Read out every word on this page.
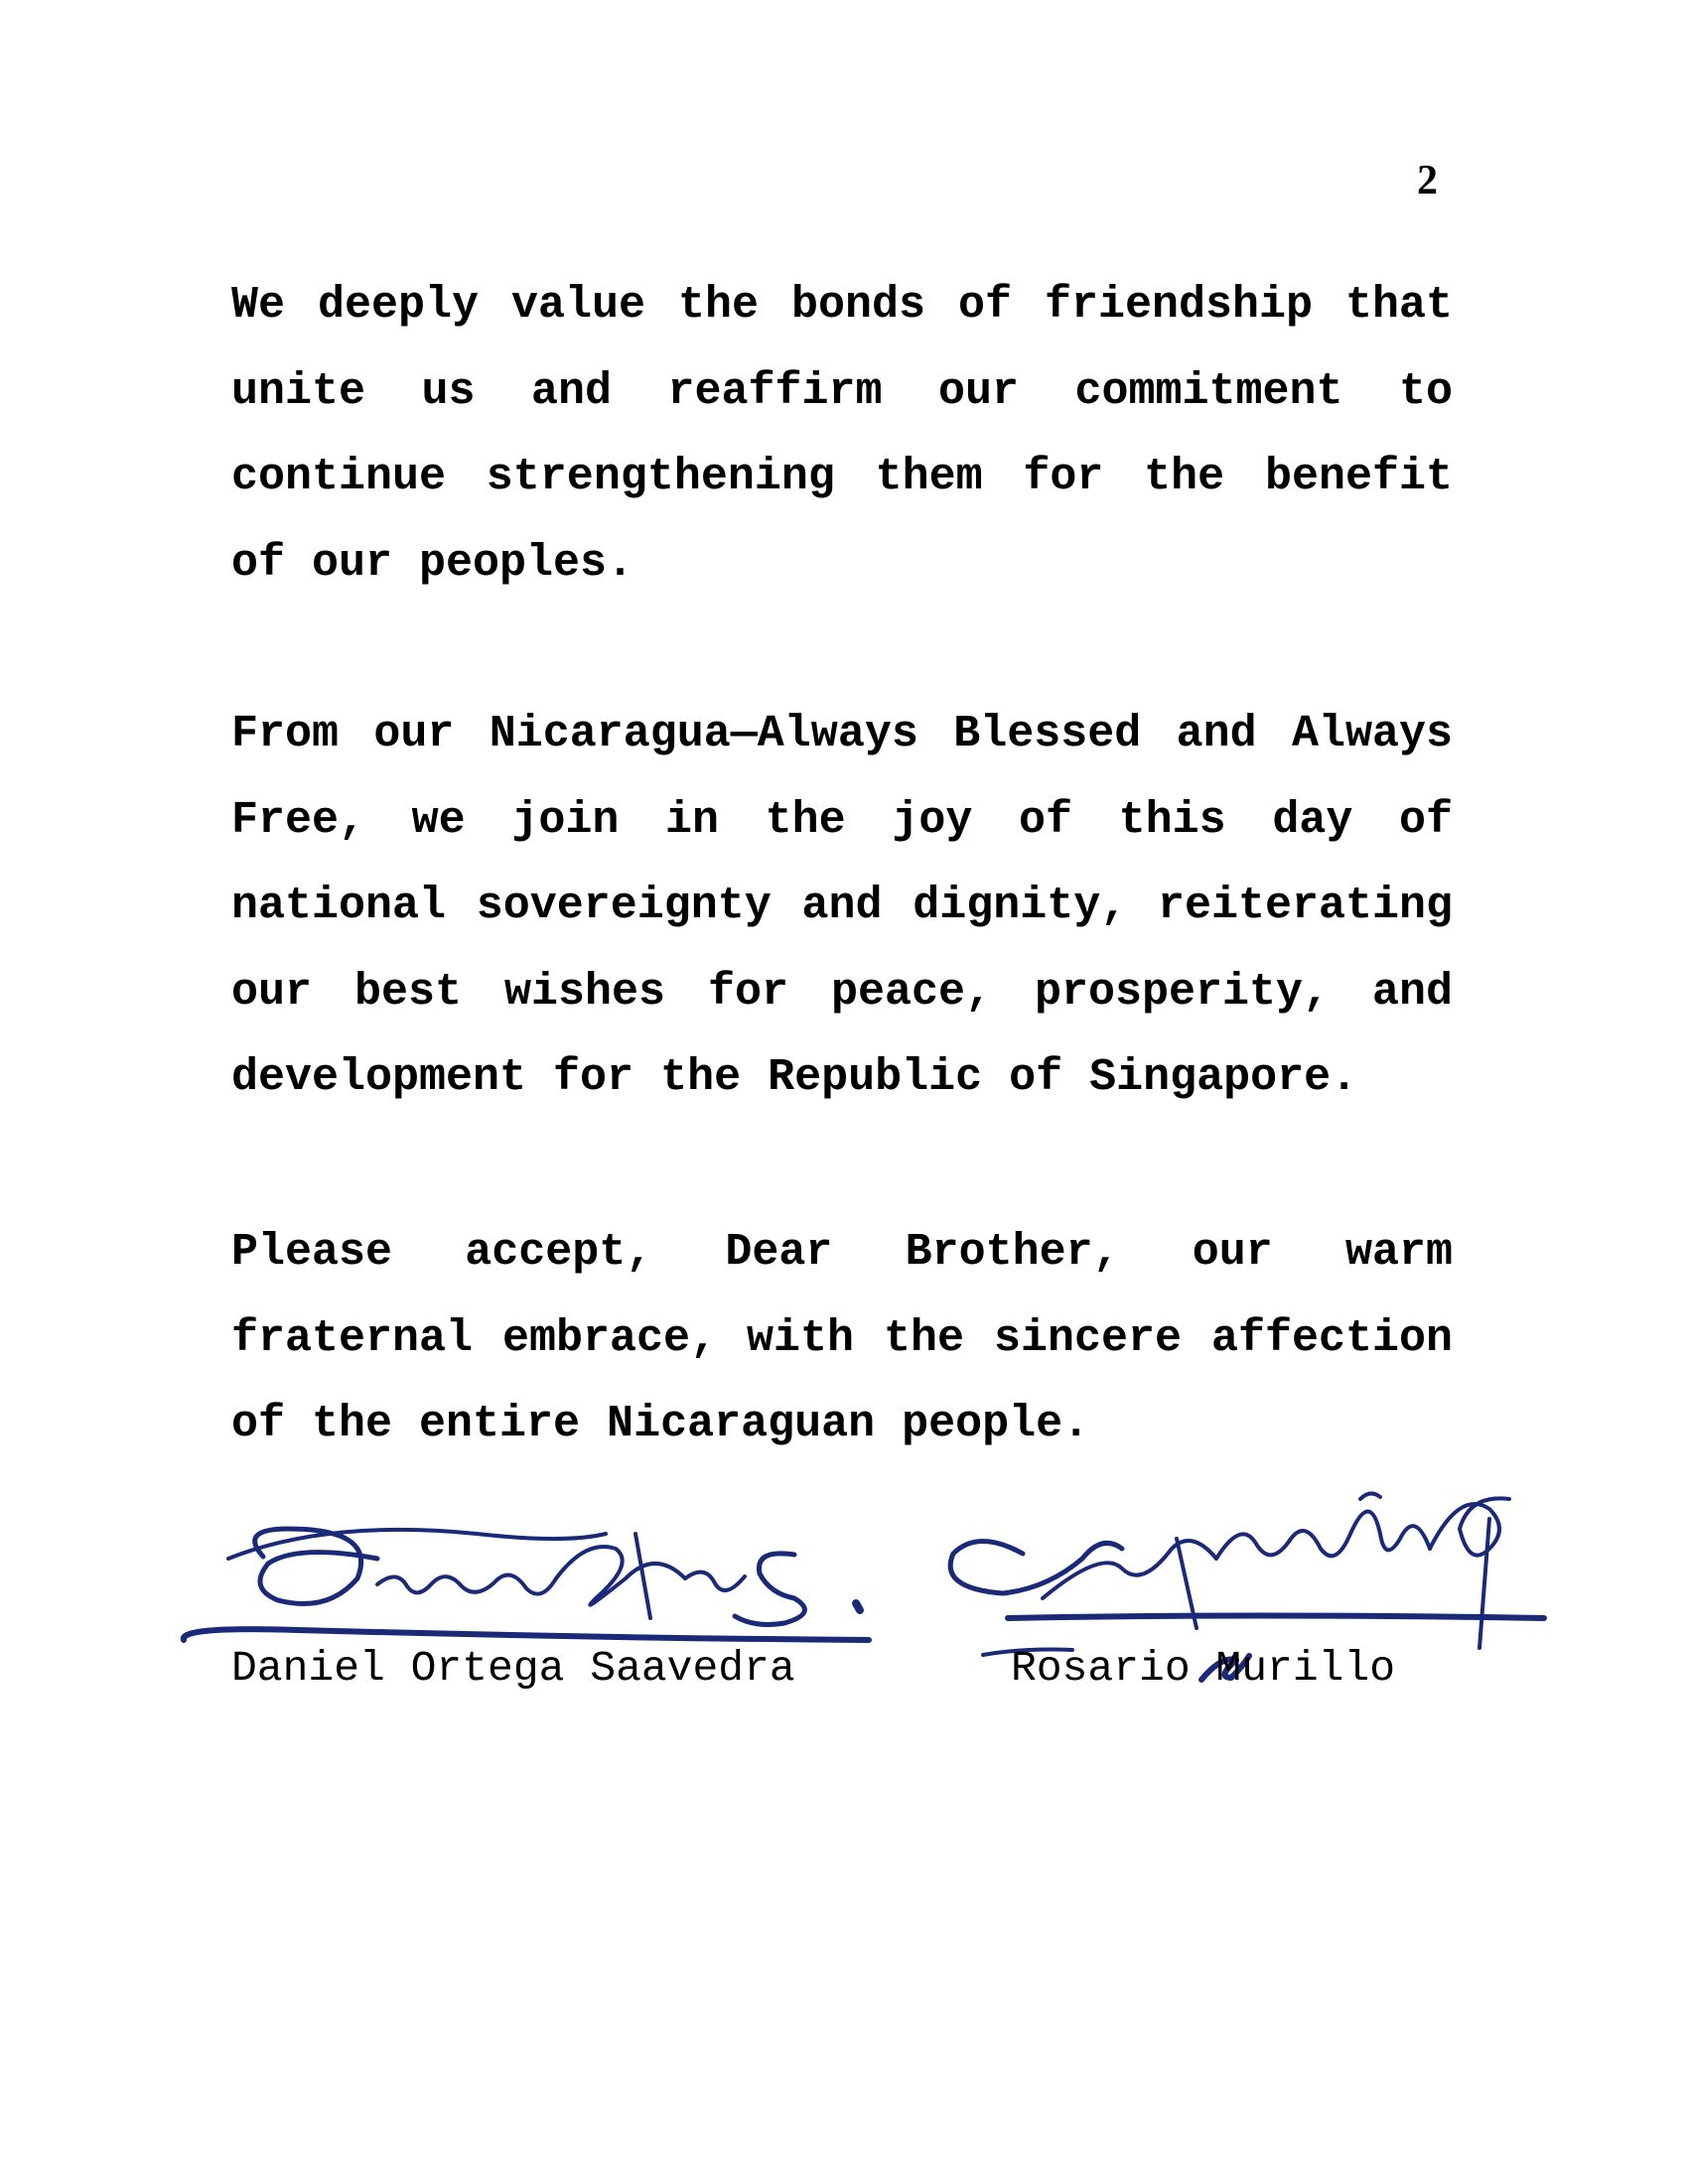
2

We deeply value the bonds of friendship that unite us and reaffirm our commitment to continue strengthening them for the benefit of our peoples.

From our Nicaragua—Always Blessed and Always Free, we join in the joy of this day of national sovereignty and dignity, reiterating our best wishes for peace, prosperity, and development for the Republic of Singapore.

Please accept, Dear Brother, our warm fraternal embrace, with the sincere affection of the entire Nicaraguan people.

Daniel Ortega Saavedra	Rosario Murillo
